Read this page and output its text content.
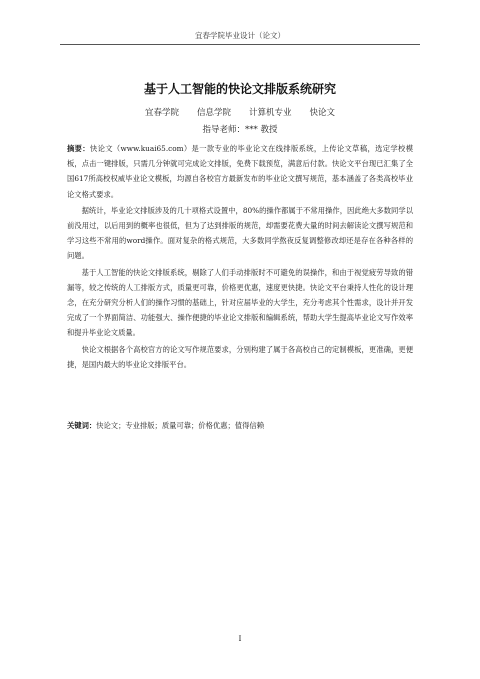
宜春学院毕业设计（论文）
基于人工智能的快论文排版系统研究
宜春学院 信息学院 计算机专业 快论文
指导老师：*** 教授

摘要：快论文（www.kuai65.com）是一款专业的毕业论文在线排版系统，上传论文草稿，选定学校模板，点击一键排版，只需几分钟就可完成论文排版，免费下载预览，满意后付款。快论文平台现已汇集了全国617所高校权威毕业论文模板，均源自各校官方最新发布的毕业论文撰写规范，基本涵盖了各类高校毕业论文格式要求。

据统计，毕业论文排版涉及的几十项格式设置中，80%的操作都属于不常用操作，因此绝大多数同学以前没用过，以后用到的概率也很低，但为了达到排版的规范，却需要花费大量的时间去解读论文撰写规范和学习这些不常用的word操作。面对复杂的格式规范，大多数同学熬夜反复调整修改却还是存在各种各样的问题。

基于人工智能的快论文排版系统，剔除了人们手动排版时不可避免的误操作，和由于视觉疲劳导致的错漏等，较之传统的人工排版方式，质量更可靠，价格更优惠，速度更快捷。快论文平台秉持人性化的设计理念，在充分研究分析人们的操作习惯的基础上，针对应届毕业的大学生，充分考虑其个性需求，设计并开发完成了一个界面简洁、功能强大、操作便捷的毕业论文排版和编辑系统，帮助大学生提高毕业论文写作效率和提升毕业论文质量。

快论文根据各个高校官方的论文写作规范要求，分别构建了属于各高校自己的定制模板，更准确，更便捷，是国内最大的毕业论文排版平台。

关键词：快论文；专业排版；质量可靠；价格优惠；值得信赖
I
